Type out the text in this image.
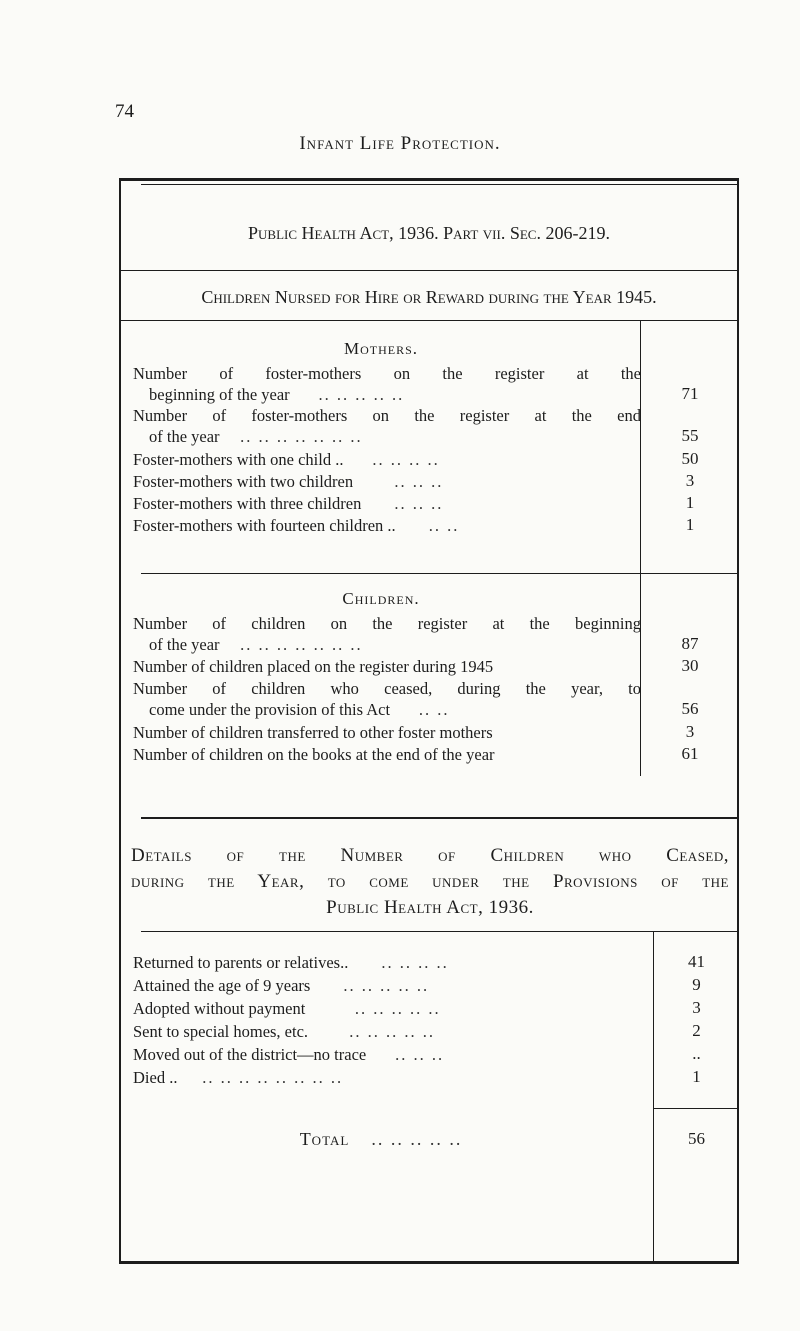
74
Infant Life Protection.
Public Health Act, 1936. Part vii. Sec. 206-219.
Children Nursed for Hire or Reward during the Year 1945.
Mothers.
Number of foster-mothers on the register at the
beginning of the year .. .. .. .. ..	71
Number of foster-mothers on the register at the end
of the year .. .. .. .. .. .. ..	55
Foster-mothers with one child .. .. .. .. ..	50
Foster-mothers with two children	.. .. ..	3
Foster-mothers with three children .. .. ..	1
Foster-mothers with fourteen children .. .. ..	1
Children.
Number of children on the register at the beginning
of the year .. .. .. .. .. .. ..	87
Number of children placed on the register during 1945	30
Number of children who ceased, during the year, to
come under the provision of this Act .. ..	56
Number of children transferred to other foster mothers	3
Number of children on the books at the end of the year	61
Details of the Number of Children who Ceased,
during the Year, to come under the Provisions of the
Public Health Act, 1936.
Returned to parents or relatives.. .. .. .. ..	41
Attained the age of 9 years .. .. .. .. ..	9
Adopted without payment	.. .. .. .. ..	3
Sent to special homes, etc.	.. .. .. .. ..	2
Moved out of the district—no trace .. .. ..	..
Died .. .. .. .. .. .. .. .. ..	1
Total .. .. .. .. ..	56
